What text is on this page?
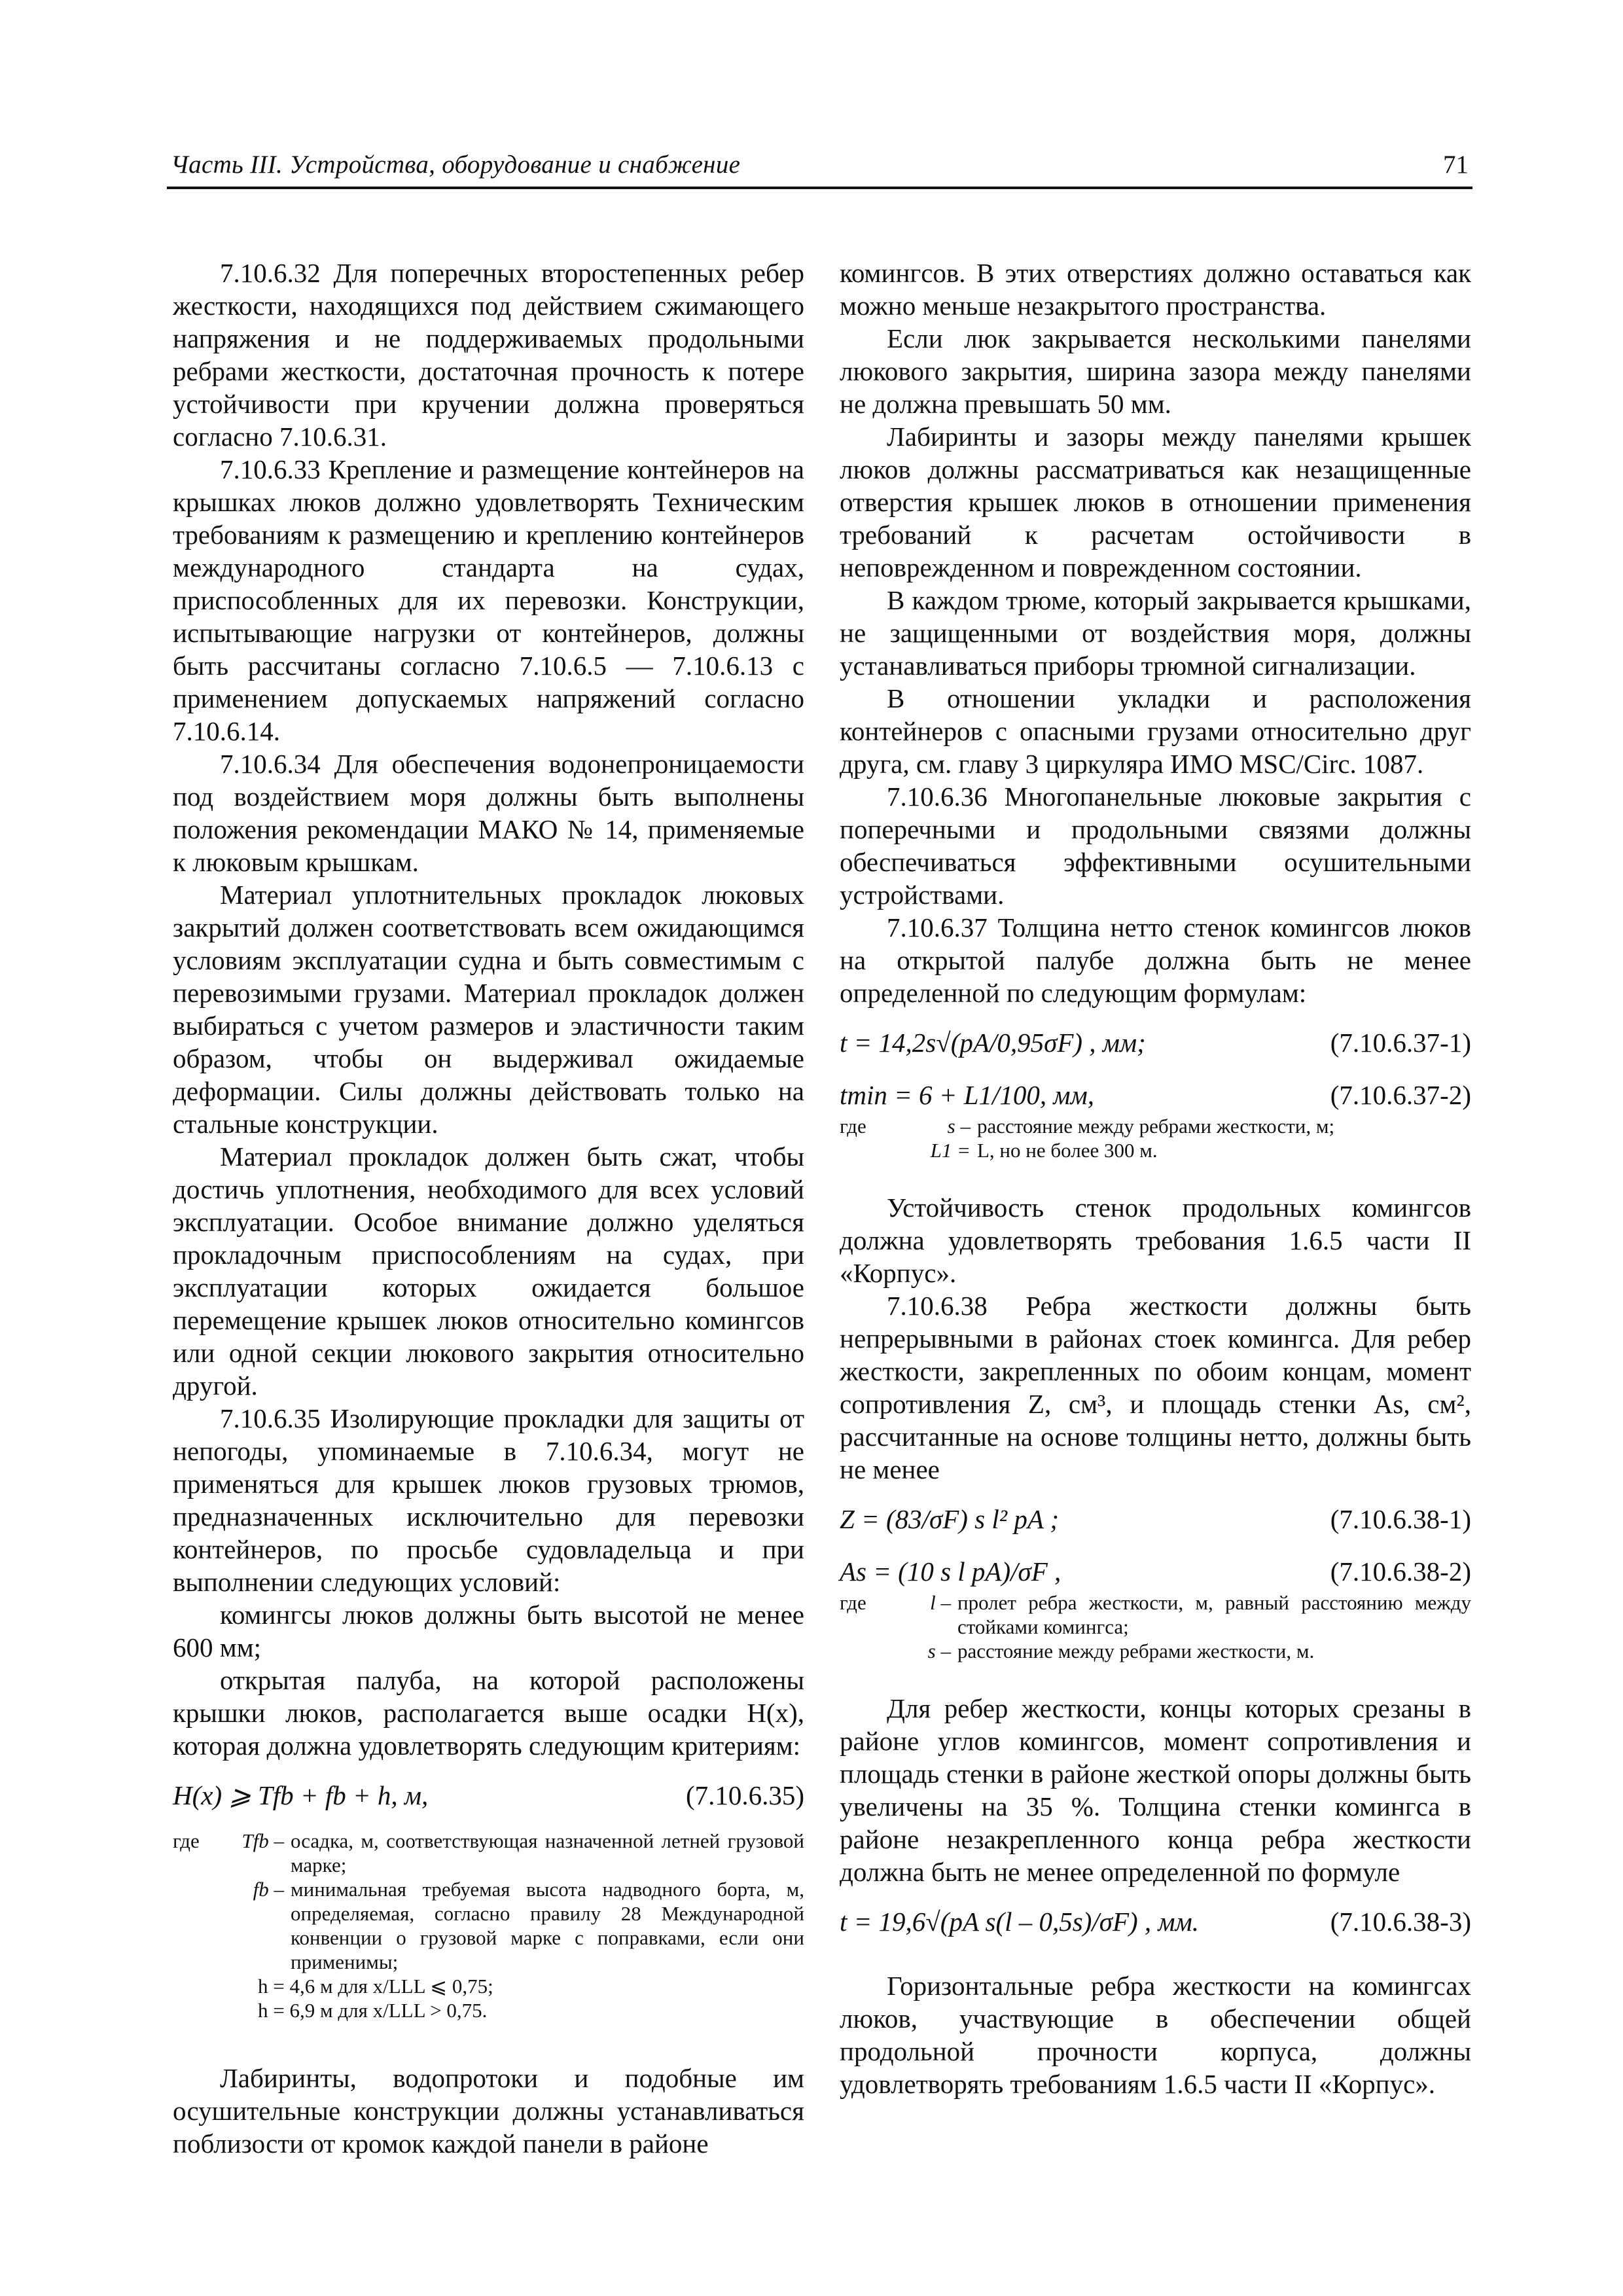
Часть III. Устройства, оборудование и снабжение	71

7.10.6.32 Для поперечных второстепенных ребер жесткости, находящихся под действием сжимающего напряжения и не поддерживаемых продольными ребрами жесткости, достаточная прочность к потере устойчивости при кручении должна проверяться согласно 7.10.6.31.

7.10.6.33 Крепление и размещение контейнеров на крышках люков должно удовлетворять Техническим требованиям к размещению и креплению контейнеров международного стандарта на судах, приспособленных для их перевозки. Конструкции, испытывающие нагрузки от контейнеров, должны быть рассчитаны согласно 7.10.6.5 — 7.10.6.13 с применением допускаемых напряжений согласно 7.10.6.14.

7.10.6.34 Для обеспечения водонепроницаемости под воздействием моря должны быть выполнены положения рекомендации МАКО № 14, применяемые к люковым крышкам.

Материал уплотнительных прокладок люковых закрытий должен соответствовать всем ожидающимся условиям эксплуатации судна и быть совместимым с перевозимыми грузами. Материал прокладок должен выбираться с учетом размеров и эластичности таким образом, чтобы он выдерживал ожидаемые деформации. Силы должны действовать только на стальные конструкции.

Материал прокладок должен быть сжат, чтобы достичь уплотнения, необходимого для всех условий эксплуатации. Особое внимание должно уделяться прокладочным приспособлениям на судах, при эксплуатации которых ожидается большое перемещение крышек люков относительно комингсов или одной секции люкового закрытия относительно другой.

7.10.6.35 Изолирующие прокладки для защиты от непогоды, упоминаемые в 7.10.6.34, могут не применяться для крышек люков грузовых трюмов, предназначенных исключительно для перевозки контейнеров, по просьбе судовладельца и при выполнении следующих условий:

комингсы люков должны быть высотой не менее 600 мм;

открытая палуба, на которой расположены крышки люков, располагается выше осадки H(x), которая должна удовлетворять следующим критериям:

H(x) ⩾ Tfb + fb + h, м,	(7.10.6.35)
где	Tfb – осадка, м, соответствующая назначенной летней грузовой марке;
fb – минимальная требуемая высота надводного борта, м, определяемая, согласно правилу 28 Международной конвенции о грузовой марке с поправками, если они применимы;
h = 4,6 м для x/LLL ⩽ 0,75;
h = 6,9 м для x/LLL > 0,75.

Лабиринты, водопротоки и подобные им осушительные конструкции должны устанавливаться поблизости от кромок каждой панели в районе

комингсов. В этих отверстиях должно оставаться как можно меньше незакрытого пространства.

Если люк закрывается несколькими панелями люкового закрытия, ширина зазора между панелями не должна превышать 50 мм.

Лабиринты и зазоры между панелями крышек люков должны рассматриваться как незащищенные отверстия крышек люков в отношении применения требований к расчетам остойчивости в неповрежденном и поврежденном состоянии.

В каждом трюме, который закрывается крышками, не защищенными от воздействия моря, должны устанавливаться приборы трюмной сигнализации.

В отношении укладки и расположения контейнеров с опасными грузами относительно друг друга, см. главу 3 циркуляра ИМО MSC/Circ. 1087.

7.10.6.36 Многопанельные люковые закрытия с поперечными и продольными связями должны обеспечиваться эффективными осушительными устройствами.

7.10.6.37 Толщина нетто стенок комингсов люков на открытой палубе должна быть не менее определенной по следующим формулам:

t = 14,2s√(pA/0,95σF) , мм;	(7.10.6.37-1)
tmin = 6 + L1/100, мм,	(7.10.6.37-2)
где	s – расстояние между ребрами жесткости, м;
L1 = L, но не более 300 м.

Устойчивость стенок продольных комингсов должна удовлетворять требования 1.6.5 части II «Корпус».

7.10.6.38 Ребра жесткости должны быть непрерывными в районах стоек комингса. Для ребер жесткости, закрепленных по обоим концам, момент сопротивления Z, см³, и площадь стенки As, см², рассчитанные на основе толщины нетто, должны быть не менее

Z = (83/σF) s l² pA ;	(7.10.6.38-1)
As = (10 s l pA)/σF ,	(7.10.6.38-2)
где	l – пролет ребра жесткости, м, равный расстоянию между стойками комингса;
s – расстояние между ребрами жесткости, м.

Для ребер жесткости, концы которых срезаны в районе углов комингсов, момент сопротивления и площадь стенки в районе жесткой опоры должны быть увеличены на 35 %. Толщина стенки комингса в районе незакрепленного конца ребра жесткости должна быть не менее определенной по формуле

t = 19,6√(pA s(l – 0,5s)/σF) , мм.	(7.10.6.38-3)

Горизонтальные ребра жесткости на комингсах люков, участвующие в обеспечении общей продольной прочности корпуса, должны удовлетворять требованиям 1.6.5 части II «Корпус».
